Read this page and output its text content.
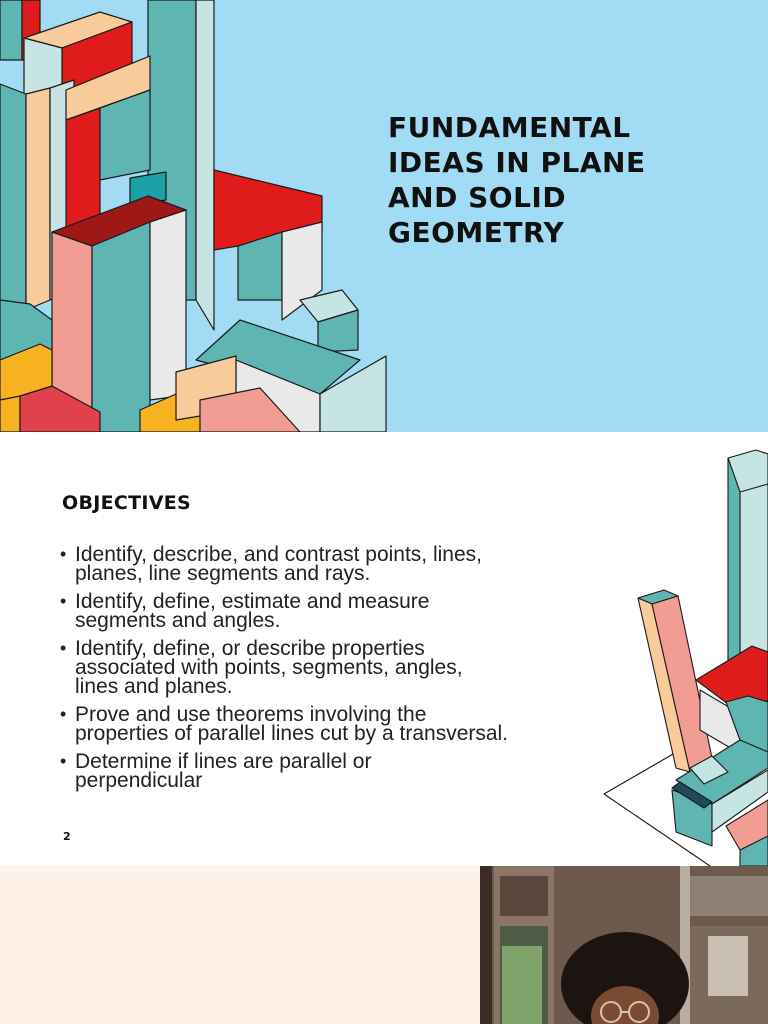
FUNDAMENTAL
IDEAS IN PLANE
AND SOLID
GEOMETRY
OBJECTIVES
• Identify, describe, and contrast points, lines,
planes, line segments and rays.
• Identify, define, estimate and measure
segments and angles.
• Identify, define, or describe properties
associated with points, segments, angles,
lines and planes.
• Prove and use theorems involving the
properties of parallel lines cut by a transversal.
• Determine if lines are parallel or
perpendicular
2
